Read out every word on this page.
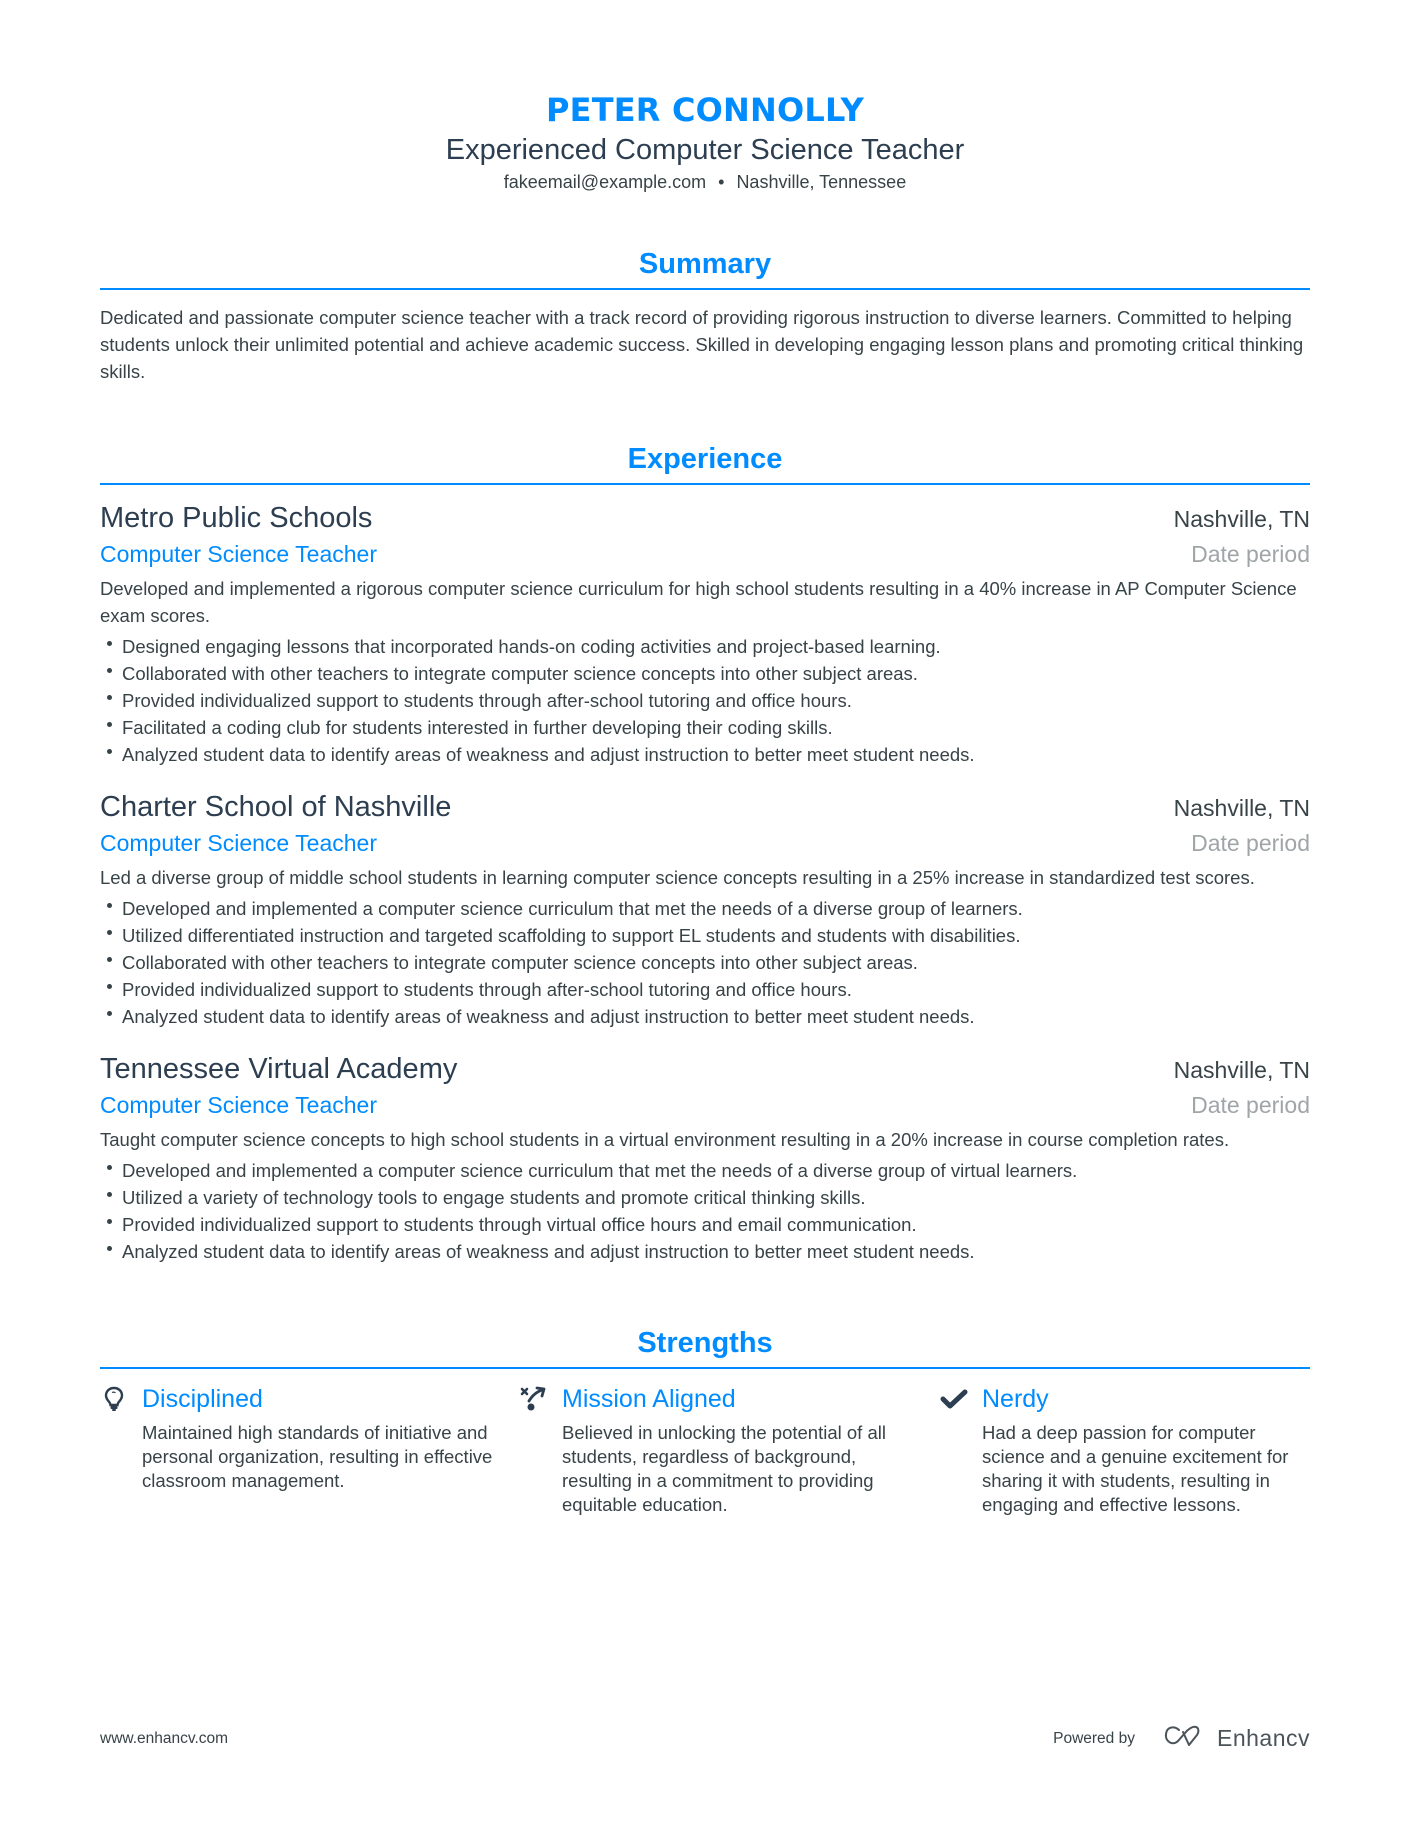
PETER CONNOLLY
Experienced Computer Science Teacher
fakeemail@example.com • Nashville, Tennessee
Summary

Dedicated and passionate computer science teacher with a track record of providing rigorous instruction to diverse learners. Committed to helping students unlock their unlimited potential and achieve academic success. Skilled in developing engaging lesson plans and promoting critical thinking skills.

Experience
Metro Public Schools	Nashville, TN
Computer Science Teacher	Date period

Developed and implemented a rigorous computer science curriculum for high school students resulting in a 40% increase in AP Computer Science exam scores.

Designed engaging lessons that incorporated hands-on coding activities and project-based learning.
Collaborated with other teachers to integrate computer science concepts into other subject areas.
Provided individualized support to students through after-school tutoring and office hours.
Facilitated a coding club for students interested in further developing their coding skills.
Analyzed student data to identify areas of weakness and adjust instruction to better meet student needs.
Charter School of Nashville	Nashville, TN
Computer Science Teacher	Date period

Led a diverse group of middle school students in learning computer science concepts resulting in a 25% increase in standardized test scores.

Developed and implemented a computer science curriculum that met the needs of a diverse group of learners.
Utilized differentiated instruction and targeted scaffolding to support EL students and students with disabilities.
Collaborated with other teachers to integrate computer science concepts into other subject areas.
Provided individualized support to students through after-school tutoring and office hours.
Analyzed student data to identify areas of weakness and adjust instruction to better meet student needs.
Tennessee Virtual Academy	Nashville, TN
Computer Science Teacher	Date period

Taught computer science concepts to high school students in a virtual environment resulting in a 20% increase in course completion rates.

Developed and implemented a computer science curriculum that met the needs of a diverse group of virtual learners.
Utilized a variety of technology tools to engage students and promote critical thinking skills.
Provided individualized support to students through virtual office hours and email communication.
Analyzed student data to identify areas of weakness and adjust instruction to better meet student needs.
Strengths
Disciplined

Maintained high standards of initiative and personal organization, resulting in effective classroom management.

Mission Aligned

Believed in unlocking the potential of all students, regardless of background, resulting in a commitment to providing equitable education.

Nerdy

Had a deep passion for computer science and a genuine excitement for sharing it with students, resulting in engaging and effective lessons.

www.enhancv.com	Powered by	Enhancv
